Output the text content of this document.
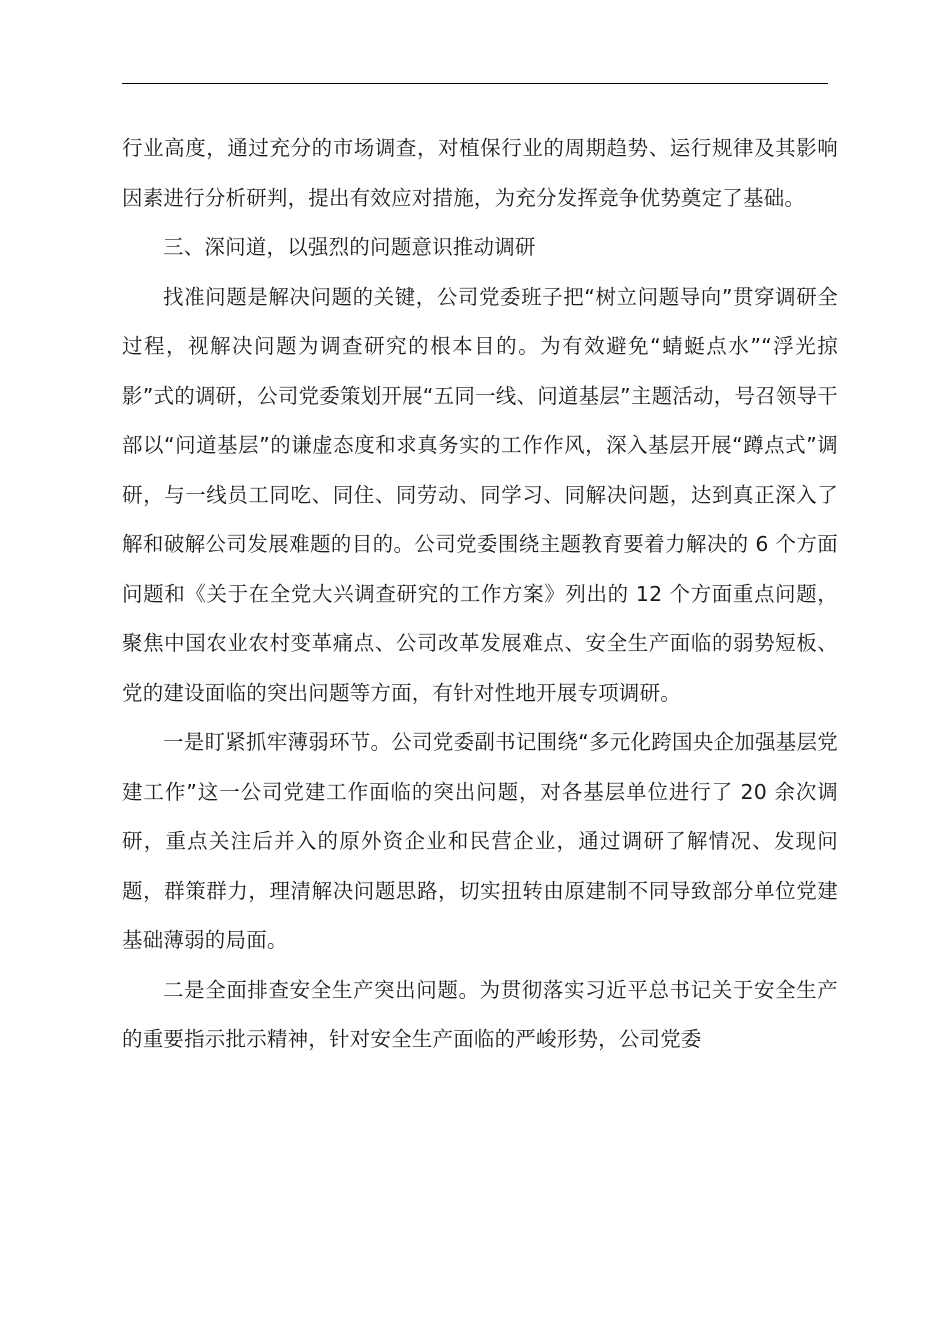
行业高度，通过充分的市场调查，对植保行业的周期趋势、运行规律及其影响因素进行分析研判，提出有效应对措施，为充分发挥竞争优势奠定了基础。

三、深问道，以强烈的问题意识推动调研

找准问题是解决问题的关键，公司党委班子把“树立问题导向”贯穿调研全过程，视解决问题为调查研究的根本目的。为有效避免“蜻蜓点水”“浮光掠影”式的调研，公司党委策划开展“五同一线、问道基层”主题活动，号召领导干部以“问道基层”的谦虚态度和求真务实的工作作风，深入基层开展“蹲点式”调研，与一线员工同吃、同住、同劳动、同学习、同解决问题，达到真正深入了解和破解公司发展难题的目的。公司党委围绕主题教育要着力解决的 6 个方面问题和《关于在全党大兴调查研究的工作方案》列出的 12 个方面重点问题，聚焦中国农业农村变革痛点、公司改革发展难点、安全生产面临的弱势短板、党的建设面临的突出问题等方面，有针对性地开展专项调研。

一是盯紧抓牢薄弱环节。公司党委副书记围绕“多元化跨国央企加强基层党建工作”这一公司党建工作面临的突出问题，对各基层单位进行了 20 余次调研，重点关注后并入的原外资企业和民营企业，通过调研了解情况、发现问题，群策群力，理清解决问题思路，切实扭转由原建制不同导致部分单位党建基础薄弱的局面。

二是全面排查安全生产突出问题。为贯彻落实习近平总书记关于安全生产的重要指示批示精神，针对安全生产面临的严峻形势，公司党委
